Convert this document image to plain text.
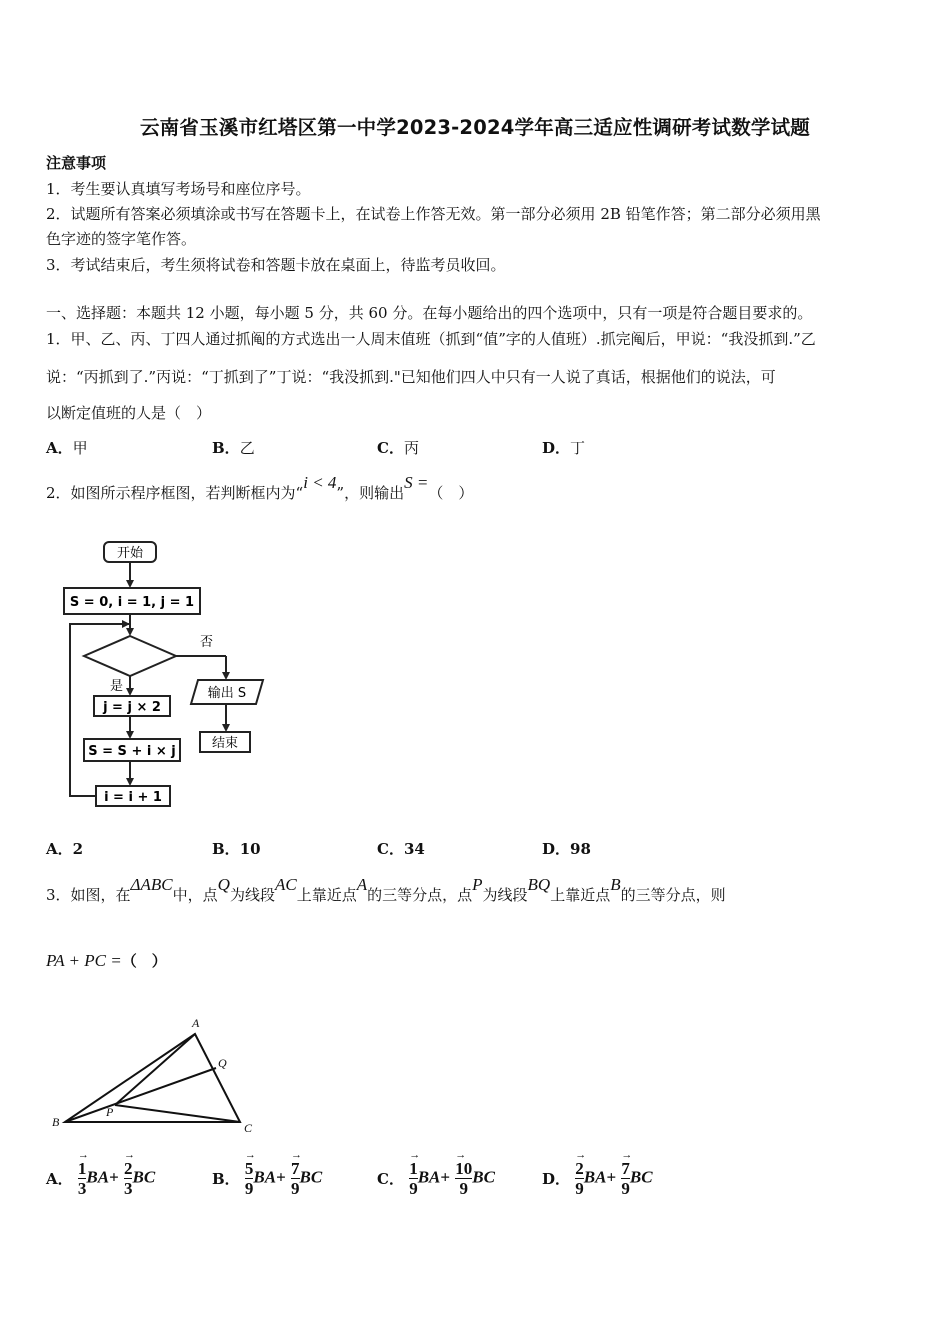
云南省玉溪市红塔区第一中学2023-2024学年高三适应性调研考试数学试题
注意事项
1．考生要认真填写考场号和座位序号。
2．试题所有答案必须填涂或书写在答题卡上，在试卷上作答无效。第一部分必须用 2B 铅笔作答；第二部分必须用黑
色字迹的签字笔作答。
3．考试结束后，考生须将试卷和答题卡放在桌面上，待监考员收回。
一、选择题：本题共 12 小题，每小题 5 分，共 60 分。在每小题给出的四个选项中，只有一项是符合题目要求的。
1．甲、乙、丙、丁四人通过抓阄的方式选出一人周末值班（抓到“值”字的人值班）.抓完阄后，甲说：“我没抓到.”乙
说：“丙抓到了.”丙说：“丁抓到了”丁说：“我没抓到."已知他们四人中只有一人说了真话，根据他们的说法，可
以断定值班的人是（　）
A．甲	B．乙	C．丙	D．丁
2．如图所示程序框图，若判断框内为“i < 4”，则输出S =（　）
开始
S = 0, i = 1, j = 1
否
是
j = j × 2
S = S + i × j
i = i + 1
输出 S
结束
A．2	B．10	C．34	D．98
3．如图，在ΔABC中，点Q为线段AC上靠近点A的三等分点，点P为线段BQ上靠近点B的三等分点，则
PA + PC =（　）
A
B	C
P
Q
A．
→ $\frac{1}{3} BA+$
→ $\frac{2}{3}$ BC	B．
→ $\frac{5}{9} BA+$
→ $\frac{7}{9}$ BC	C．
→ $\frac{1}{9} BA+$
→ $\frac{10}{9}$ BC	D．
→ $\frac{2}{9} BA+$
→ $\frac{7}{9}$ BC
